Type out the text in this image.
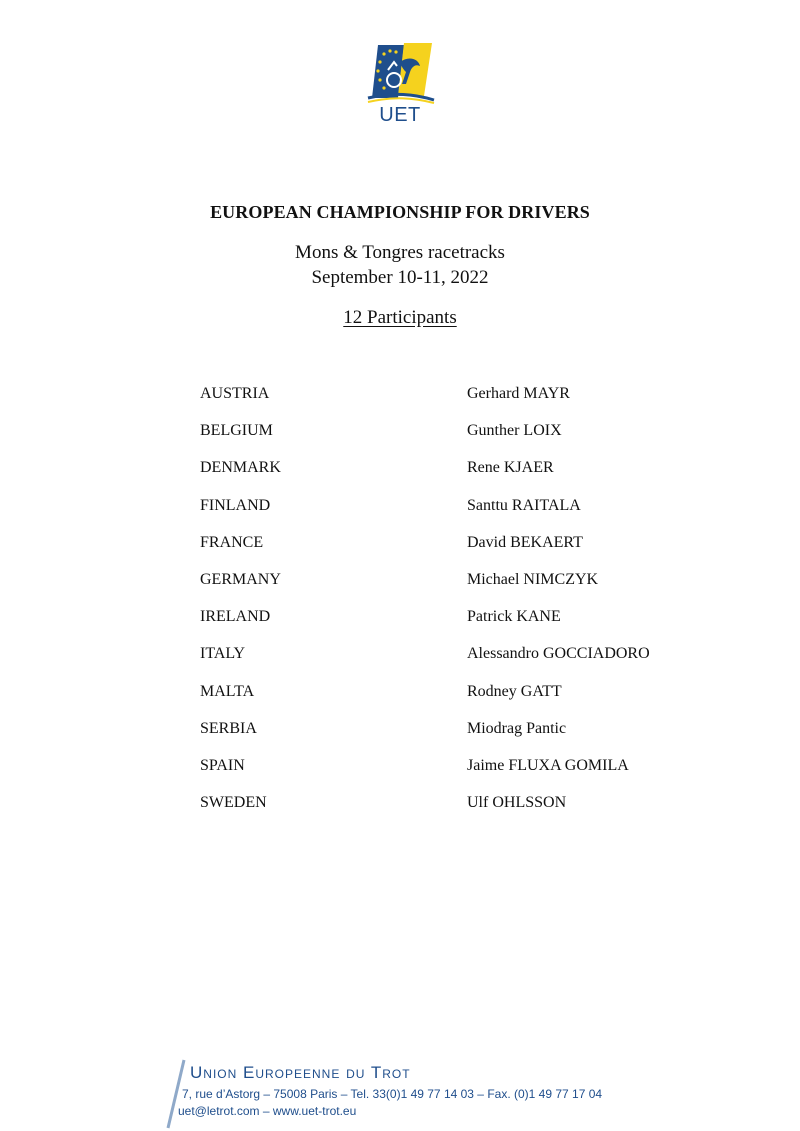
UET
EUROPEAN CHAMPIONSHIP FOR DRIVERS
Mons & Tongres racetracks
September 10-11, 2022
12 Participants
AUSTRIA	Gerhard MAYR
BELGIUM	Gunther LOIX
DENMARK	Rene KJAER
FINLAND	Santtu RAITALA
FRANCE	David BEKAERT
GERMANY	Michael NIMCZYK
IRELAND	Patrick KANE
ITALY	Alessandro GOCCIADORO
MALTA	Rodney GATT
SERBIA	Miodrag Pantic
SPAIN	Jaime FLUXA GOMILA
SWEDEN	Ulf OHLSSON
Union Europeenne du Trot
7, rue d’Astorg – 75008 Paris – Tel. 33(0)1 49 77 14 03 – Fax. (0)1 49 77 17 04
uet@letrot.com – www.uet-trot.eu
